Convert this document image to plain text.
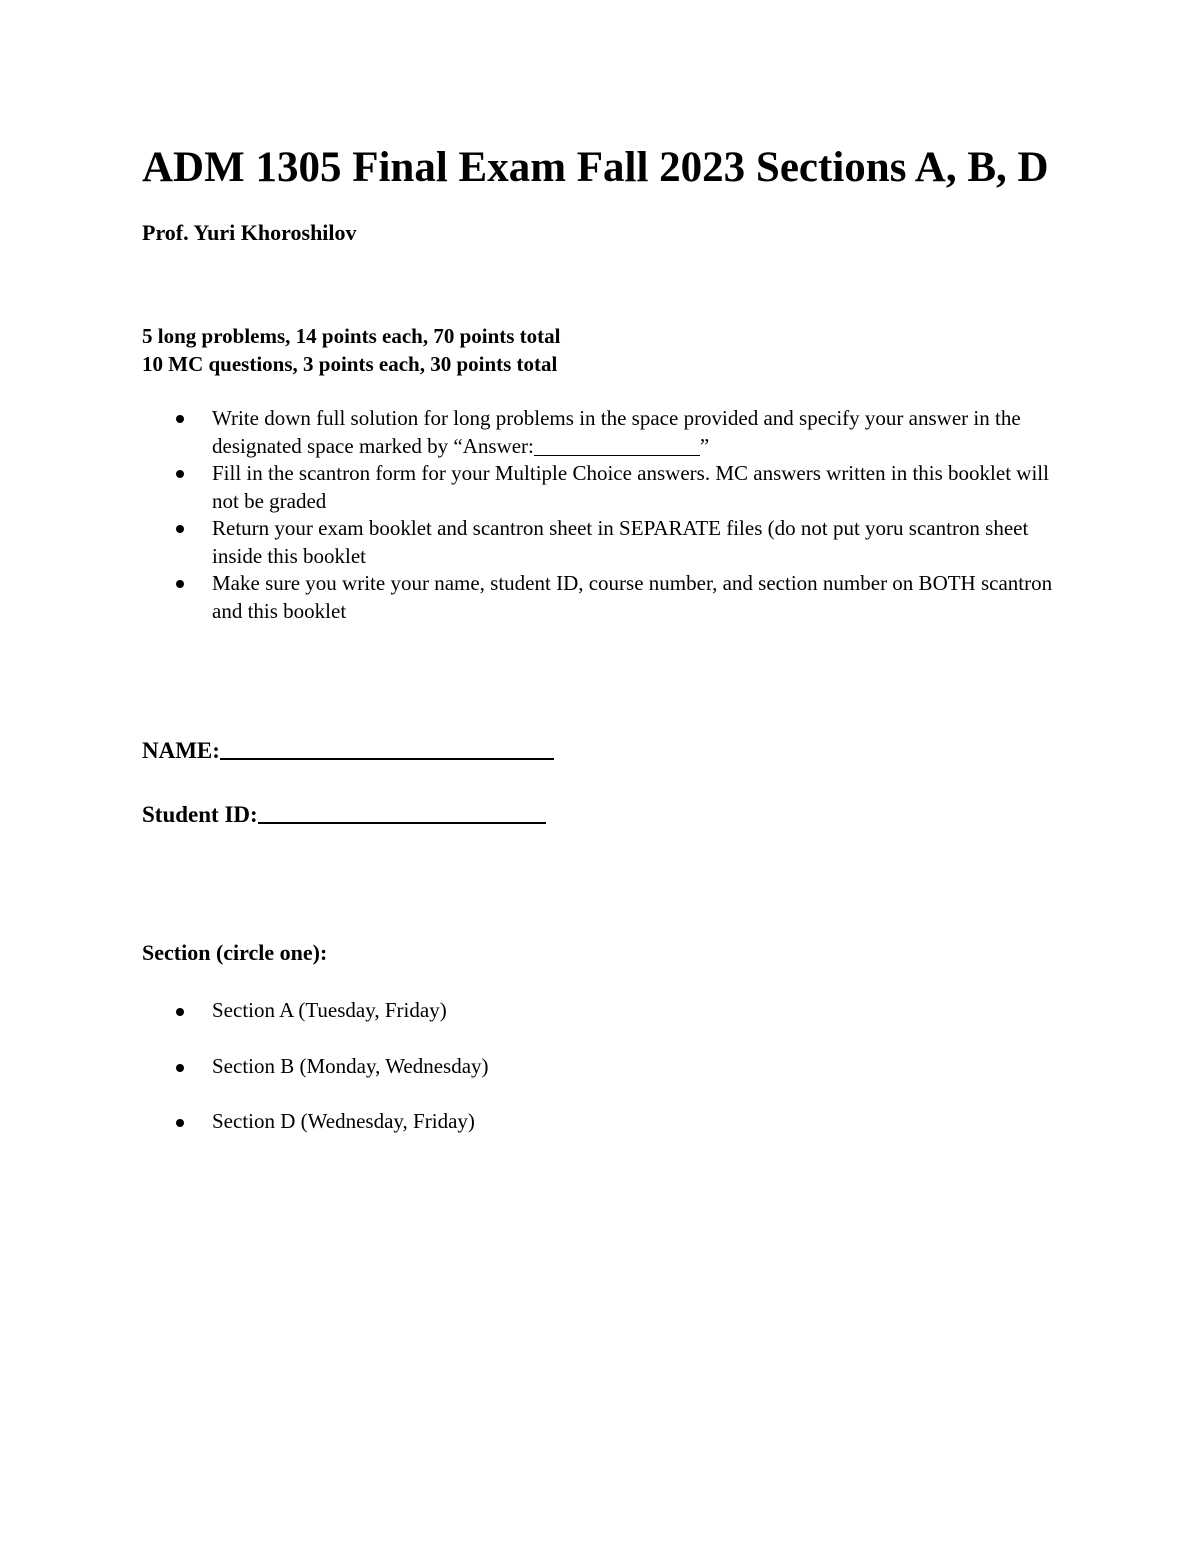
ADM 1305 Final Exam Fall 2023 Sections A, B, D
Prof. Yuri Khoroshilov
5 long problems, 14 points each, 70 points total
10 MC questions, 3 points each, 30 points total
Write down full solution for long problems in the space provided and specify your answer in the designated space marked by “Answer:	”
Fill in the scantron form for your Multiple Choice answers. MC answers written in this booklet will not be graded
Return your exam booklet and scantron sheet in SEPARATE files (do not put yoru scantron sheet inside this booklet
Make sure you write your name, student ID, course number, and section number on BOTH scantron and this booklet
NAME:
Student ID:
Section (circle one):
Section A (Tuesday, Friday)
Section B (Monday, Wednesday)
Section D (Wednesday, Friday)
